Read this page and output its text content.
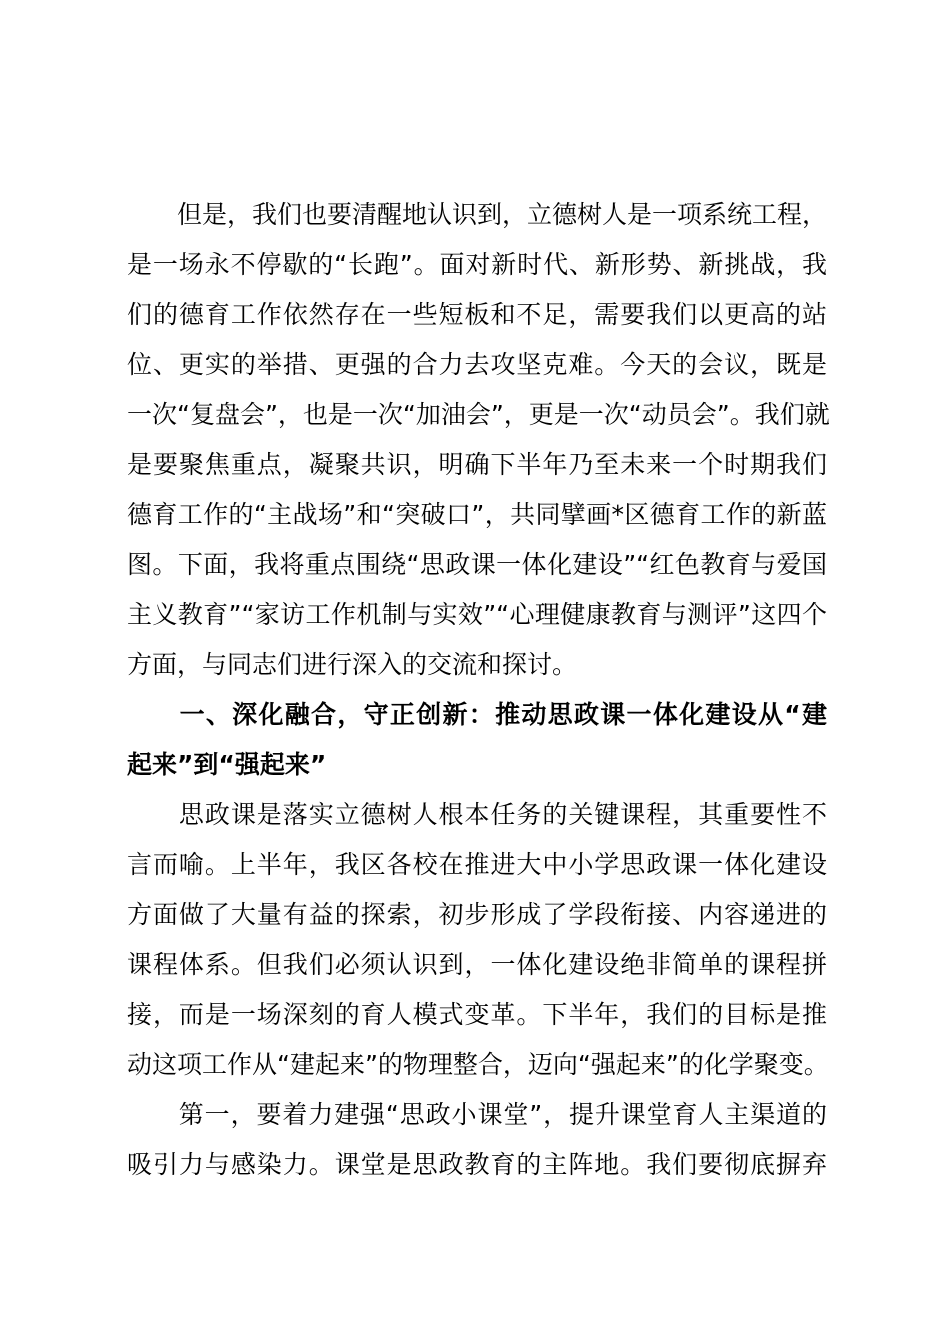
　　但是，我们也要清醒地认识到，立德树人是一项系统工程，
是一场永不停歇的“长跑”。面对新时代、新形势、新挑战，我
们的德育工作依然存在一些短板和不足，需要我们以更高的站
位、更实的举措、更强的合力去攻坚克难。今天的会议，既是
一次“复盘会”，也是一次“加油会”，更是一次“动员会”。我们就
是要聚焦重点，凝聚共识，明确下半年乃至未来一个时期我们
德育工作的“主战场”和“突破口”，共同擘画*区德育工作的新蓝
图。下面，我将重点围绕“思政课一体化建设”“红色教育与爱国
主义教育”“家访工作机制与实效”“心理健康教育与测评”这四个
方面，与同志们进行深入的交流和探讨。
　　一、深化融合，守正创新：推动思政课一体化建设从“建
起来”到“强起来”
　　思政课是落实立德树人根本任务的关键课程，其重要性不
言而喻。上半年，我区各校在推进大中小学思政课一体化建设
方面做了大量有益的探索，初步形成了学段衔接、内容递进的
课程体系。但我们必须认识到，一体化建设绝非简单的课程拼
接，而是一场深刻的育人模式变革。下半年，我们的目标是推
动这项工作从“建起来”的物理整合，迈向“强起来”的化学聚变。
　　第一，要着力建强“思政小课堂”，提升课堂育人主渠道的
吸引力与感染力。课堂是思政教育的主阵地。我们要彻底摒弃
